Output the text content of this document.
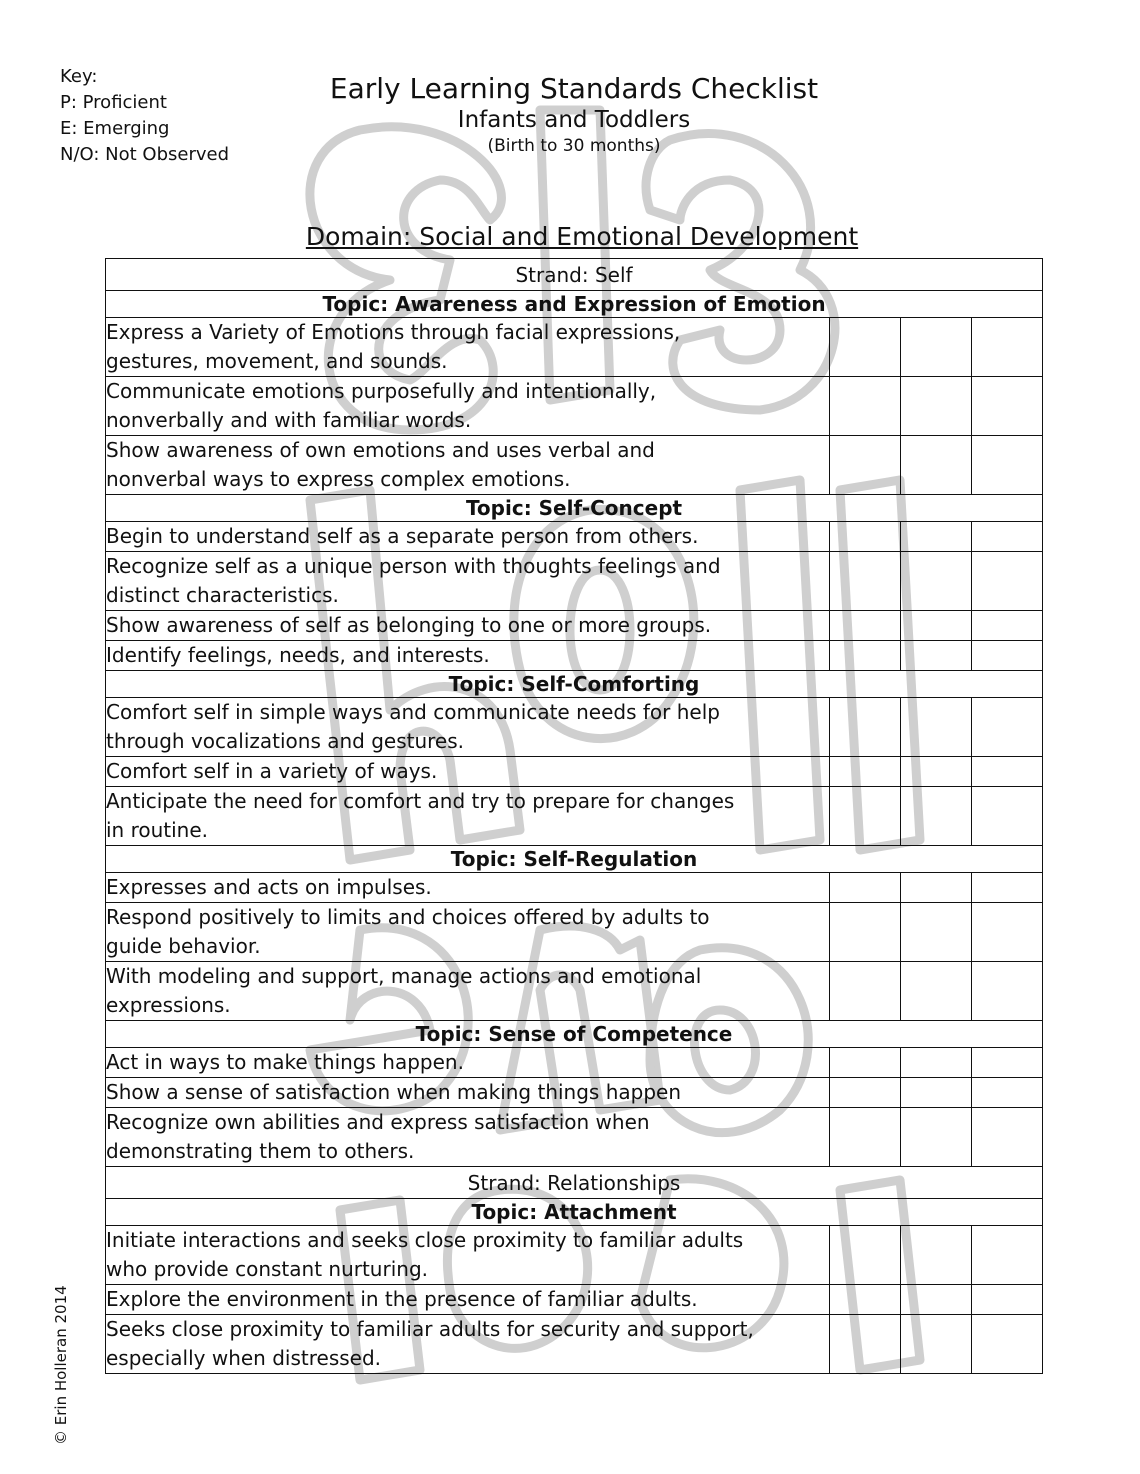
Key:
P: Proficient
E: Emerging
N/O: Not Observed
Early Learning Standards Checklist
Infants and Toddlers
(Birth to 30 months)
Domain: Social and Emotional Development
Strand: Self			
Topic: Awareness and Expression of Emotion			

Express a Variety of Emotions through facial expressions,
gestures, movement, and sounds.			

Communicate emotions purposefully and intentionally,
nonverbally and with familiar words.			

Show awareness of own emotions and uses verbal and
nonverbal ways to express complex emotions.			

Topic: Self-Concept			

Begin to understand self as a separate person from others.			

Recognize self as a unique person with thoughts feelings and
distinct characteristics.			

Show awareness of self as belonging to one or more groups.			

Identify feelings, needs, and interests.			

Topic: Self-Comforting			

Comfort self in simple ways and communicate needs for help
through vocalizations and gestures.			

Comfort self in a variety of ways.			

Anticipate the need for comfort and try to prepare for changes
in routine.			

Topic: Self-Regulation			

Expresses and acts on impulses.			

Respond positively to limits and choices offered by adults to
guide behavior.			

With modeling and support, manage actions and emotional
expressions.			

Topic: Sense of Competence			

Act in ways to make things happen.			

Show a sense of satisfaction when making things happen			

Recognize own abilities and express satisfaction when
demonstrating them to others.			

Strand: Relationships			
Topic: Attachment			

Initiate interactions and seeks close proximity to familiar adults
who provide constant nurturing.			

Explore the environment in the presence of familiar adults.			

Seeks close proximity to familiar adults for security and support,
especially when distressed.			

© Erin Holleran 2014
